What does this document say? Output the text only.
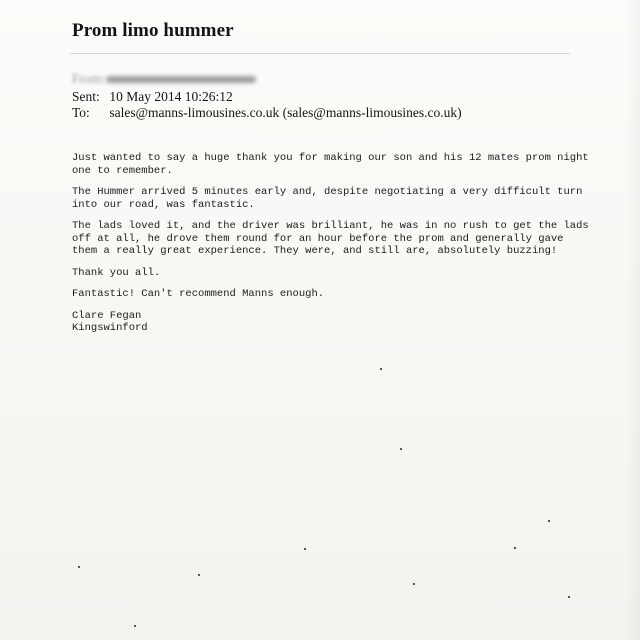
Prom limo hummer
From:
Sent: 10 May 2014 10:26:12
To: sales@manns-limousines.co.uk (sales@manns-limousines.co.uk)

Just wanted to say a huge thank you for making our son and his 12 mates prom night one to remember.

The Hummer arrived 5 minutes early and, despite negotiating a very difficult turn into our road, was fantastic.

The lads loved it, and the driver was brilliant, he was in no rush to get the lads off at all, he drove them round for an hour before the prom and generally gave them a really great experience. They were, and still are, absolutely buzzing!

Thank you all.

Fantastic! Can't recommend Manns enough.

Clare Fegan
Kingswinford
